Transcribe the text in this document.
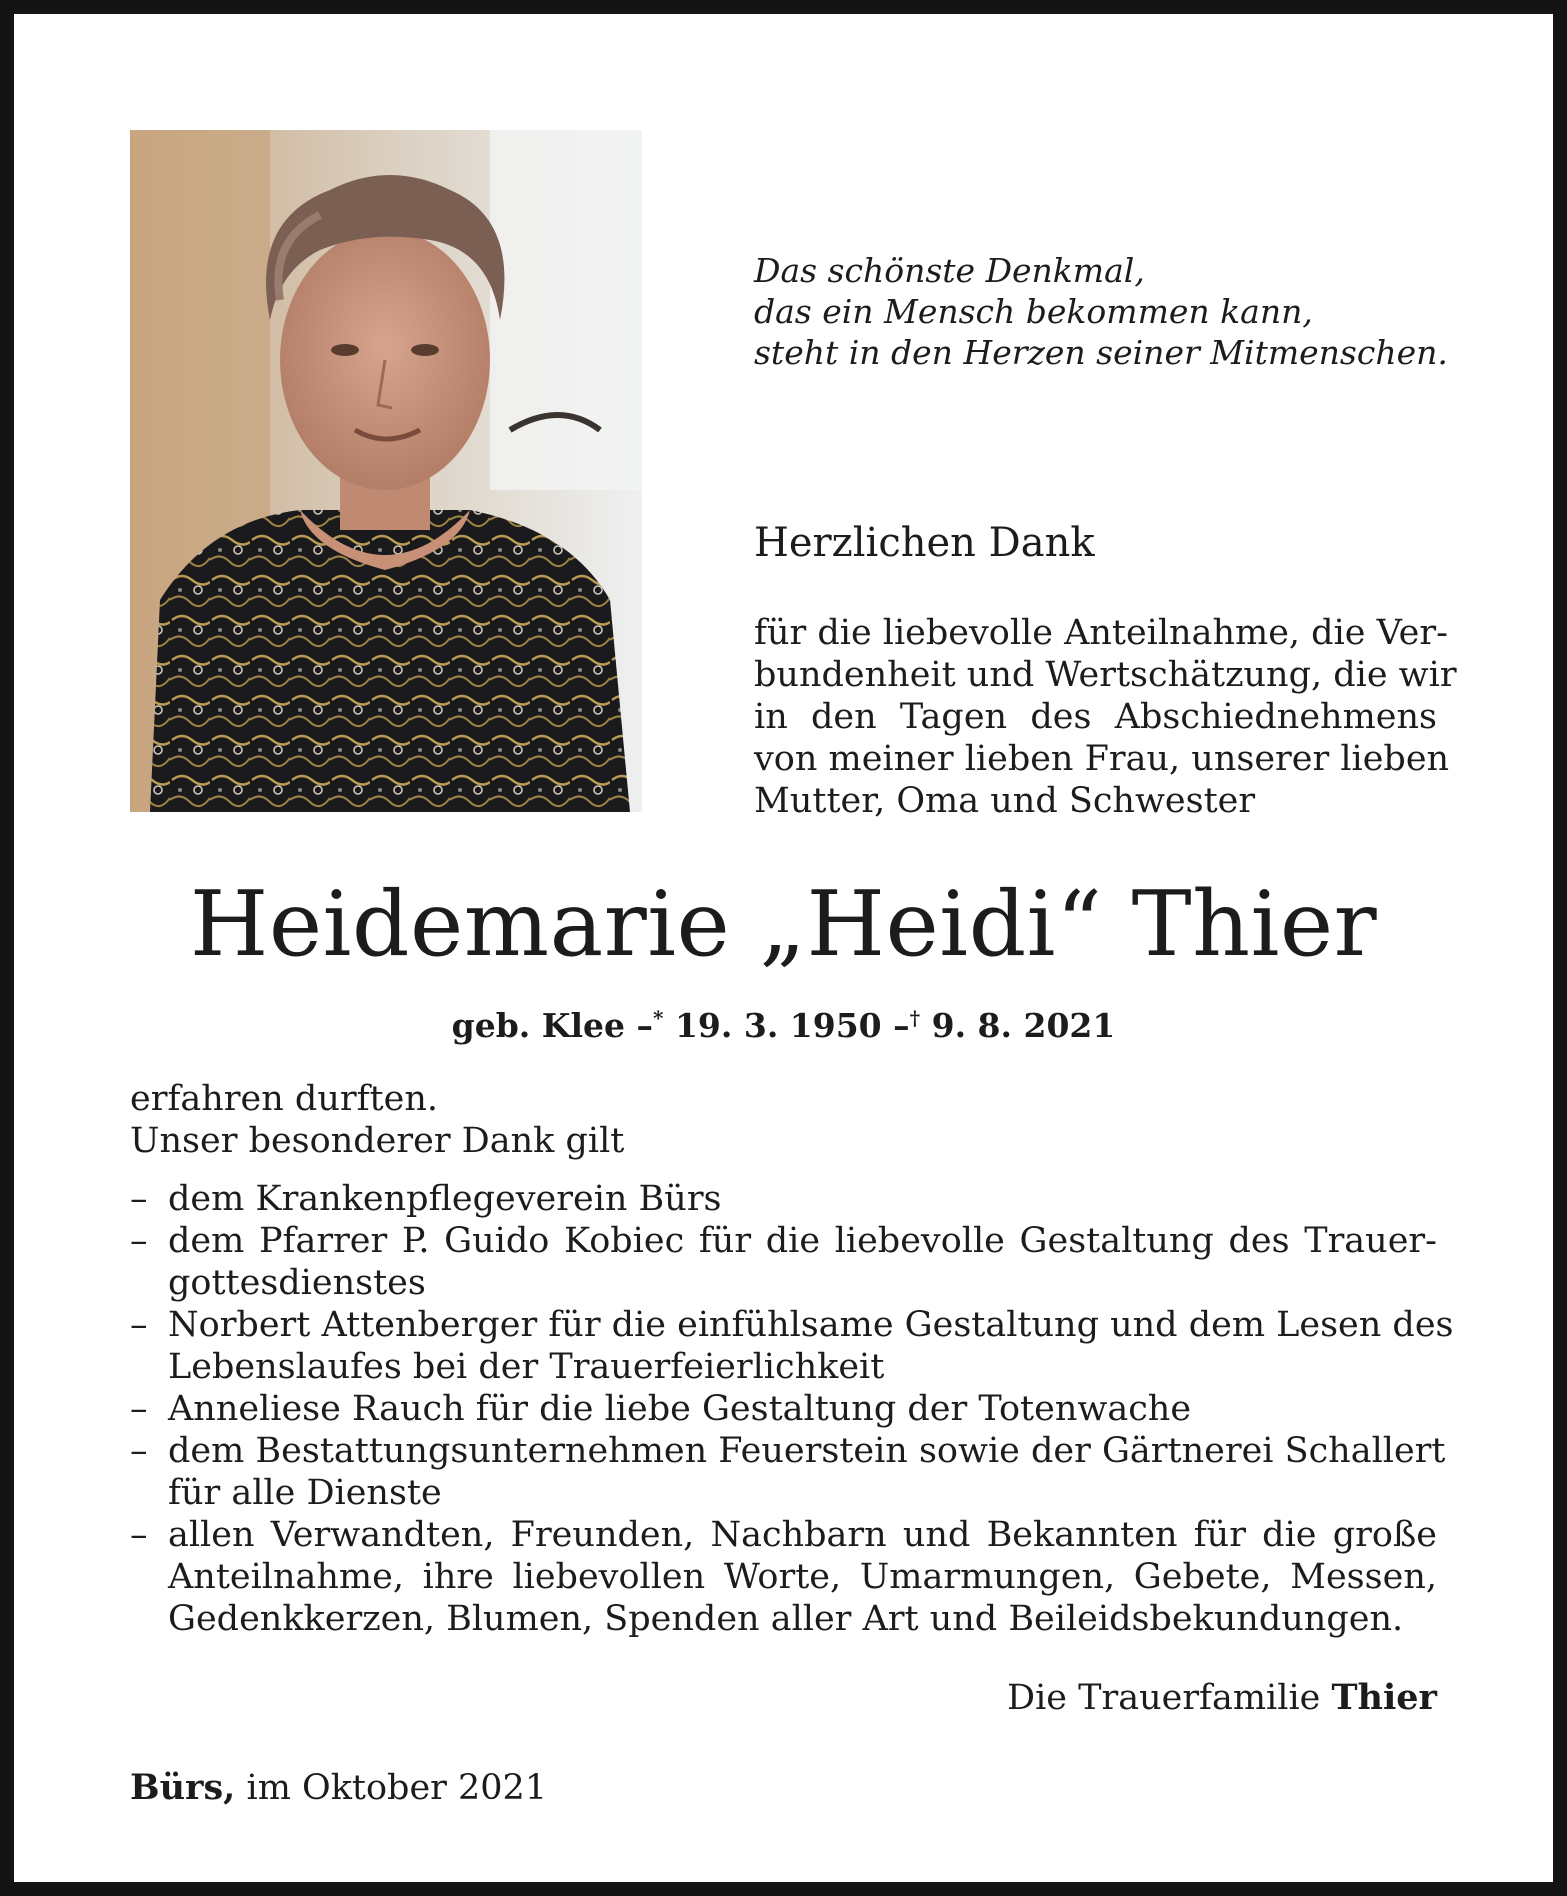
Das schönste Denkmal,
das ein Mensch bekommen kann,
steht in den Herzen seiner Mitmenschen.
Herzlichen Dank
für die liebevolle Anteilnahme, die Ver-
bundenheit und Wertschätzung, die wir
in den Tagen des Abschiednehmens
von meiner lieben Frau, unserer lieben
Mutter, Oma und Schwester
Heidemarie „Heidi“ Thier
geb. Klee –* 19. 3. 1950 –† 9. 8. 2021
erfahren durften.
Unser besonderer Dank gilt
– dem Krankenpflegeverein Bürs
– dem Pfarrer P. Guido Kobiec für die liebevolle Gestaltung des Trauer-
gottesdienstes
– Norbert Attenberger für die einfühlsame Gestaltung und dem Lesen des
Lebenslaufes bei der Trauerfeierlichkeit
– Anneliese Rauch für die liebe Gestaltung der Totenwache
– dem Bestattungsunternehmen Feuerstein sowie der Gärtnerei Schallert
für alle Dienste
– allen Verwandten, Freunden, Nachbarn und Bekannten für die große
Anteilnahme, ihre liebevollen Worte, Umarmungen, Gebete, Messen,
Gedenkkerzen, Blumen, Spenden aller Art und Beileidsbekundungen.
Die Trauerfamilie Thier
Bürs, im Oktober 2021
